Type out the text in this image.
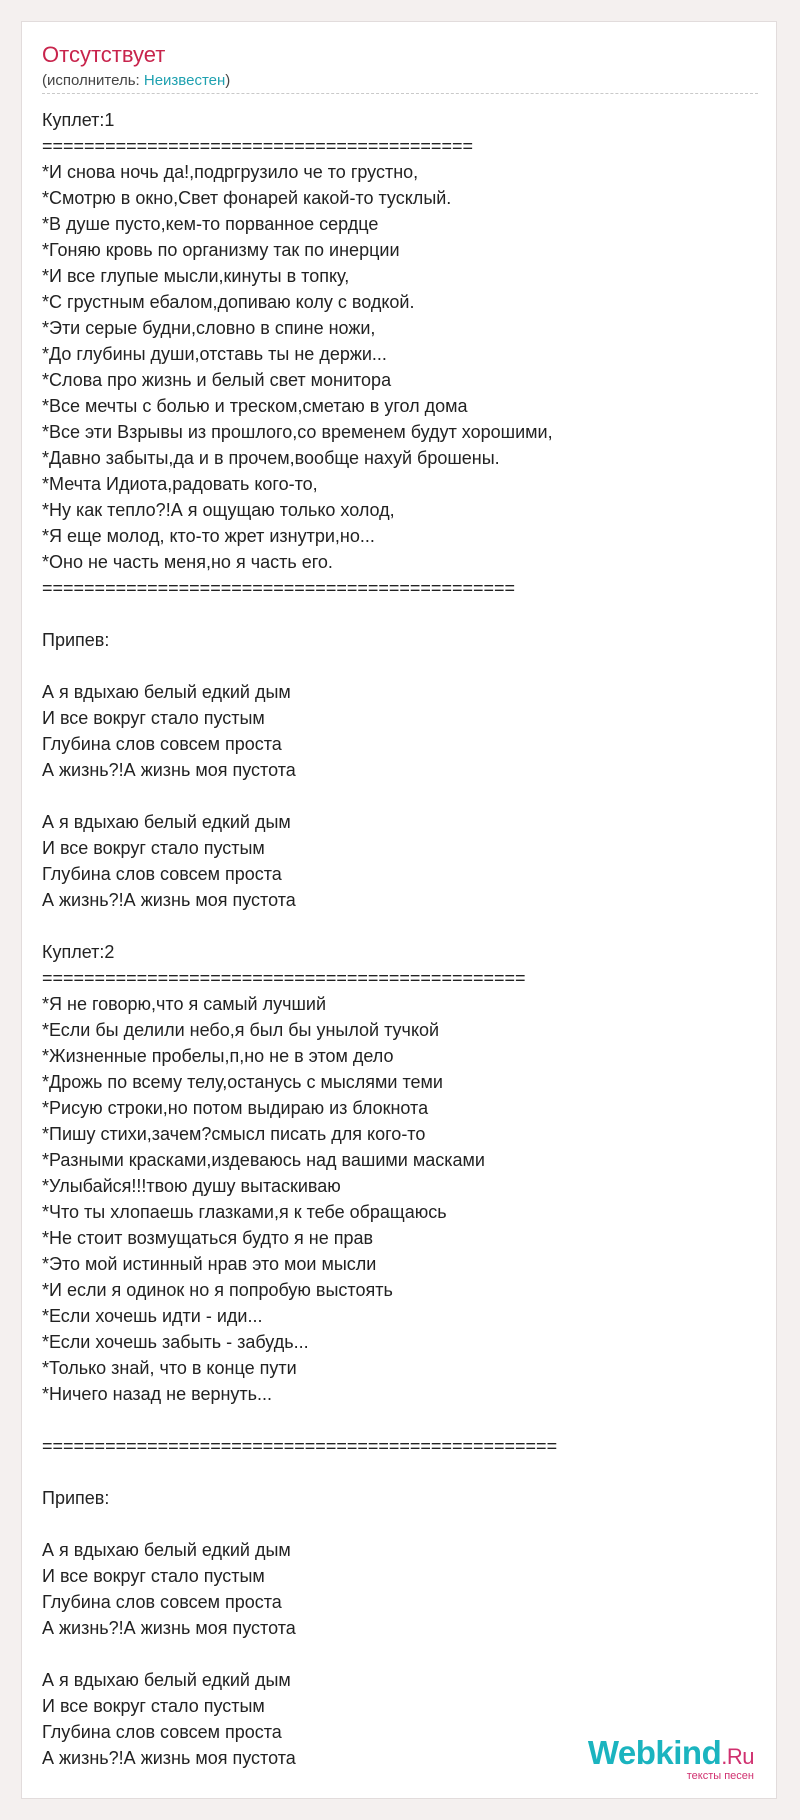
Отсутствует
(исполнитель: Неизвестен)
Куплет:1
=========================================
*И снова ночь да!,подргрузило че то грустно,
*Смотрю в окно,Свет фонарей какой-то тусклый.
*В душе пусто,кем-то порванное сердце
*Гоняю кровь по организму так по инерции
*И все глупые мысли,кинуты в топку,
*С грустным ебалом,допиваю колу с водкой.
*Эти серые будни,словно в спине ножи,
*До глубины души,отставь ты не держи...
*Слова про жизнь и белый свет монитора
*Все мечты с болью и треском,сметаю в угол дома
*Все эти Взрывы из прошлого,со временем будут хорошими,
*Давно забыты,да и в прочем,вообще нахуй брошены.
*Мечта Идиота,радовать кого-то,
*Ну как тепло?!А я ощущаю только холод,
*Я еще молод, кто-то жрет изнутри,но...
*Оно не часть меня,но я часть его.
=============================================

Припев:

А я вдыхаю белый едкий дым
И все вокруг стало пустым
Глубина слов совсем проста
А жизнь?!А жизнь моя пустота

А я вдыхаю белый едкий дым
И все вокруг стало пустым
Глубина слов совсем проста
А жизнь?!А жизнь моя пустота

Куплет:2
==============================================
*Я не говорю,что я самый лучший
*Если бы делили небо,я был бы унылой тучкой
*Жизненные пробелы,п,но не в этом дело
*Дрожь по всему телу,останусь с мыслями теми
*Рисую строки,но потом выдираю из блокнота
*Пишу стихи,зачем?смысл писать для кого-то
*Разными красками,издеваюсь над вашими масками
*Улыбайся!!!твою душу вытаскиваю
*Что ты хлопаешь глазками,я к тебе обращаюсь
*Не стоит возмущаться будто я не прав
*Это мой истинный нрав это мои мысли
*И если я одинок но я попробую выстоять
*Если хочешь идти - иди...
*Если хочешь забыть - забудь...
*Только знай, что в конце пути
*Ничего назад не вернуть...

=================================================

Припев:

А я вдыхаю белый едкий дым
И все вокруг стало пустым
Глубина слов совсем проста
А жизнь?!А жизнь моя пустота

А я вдыхаю белый едкий дым
И все вокруг стало пустым
Глубина слов совсем проста
А жизнь?!А жизнь моя пустота	Webkind.Ru
тексты песен
